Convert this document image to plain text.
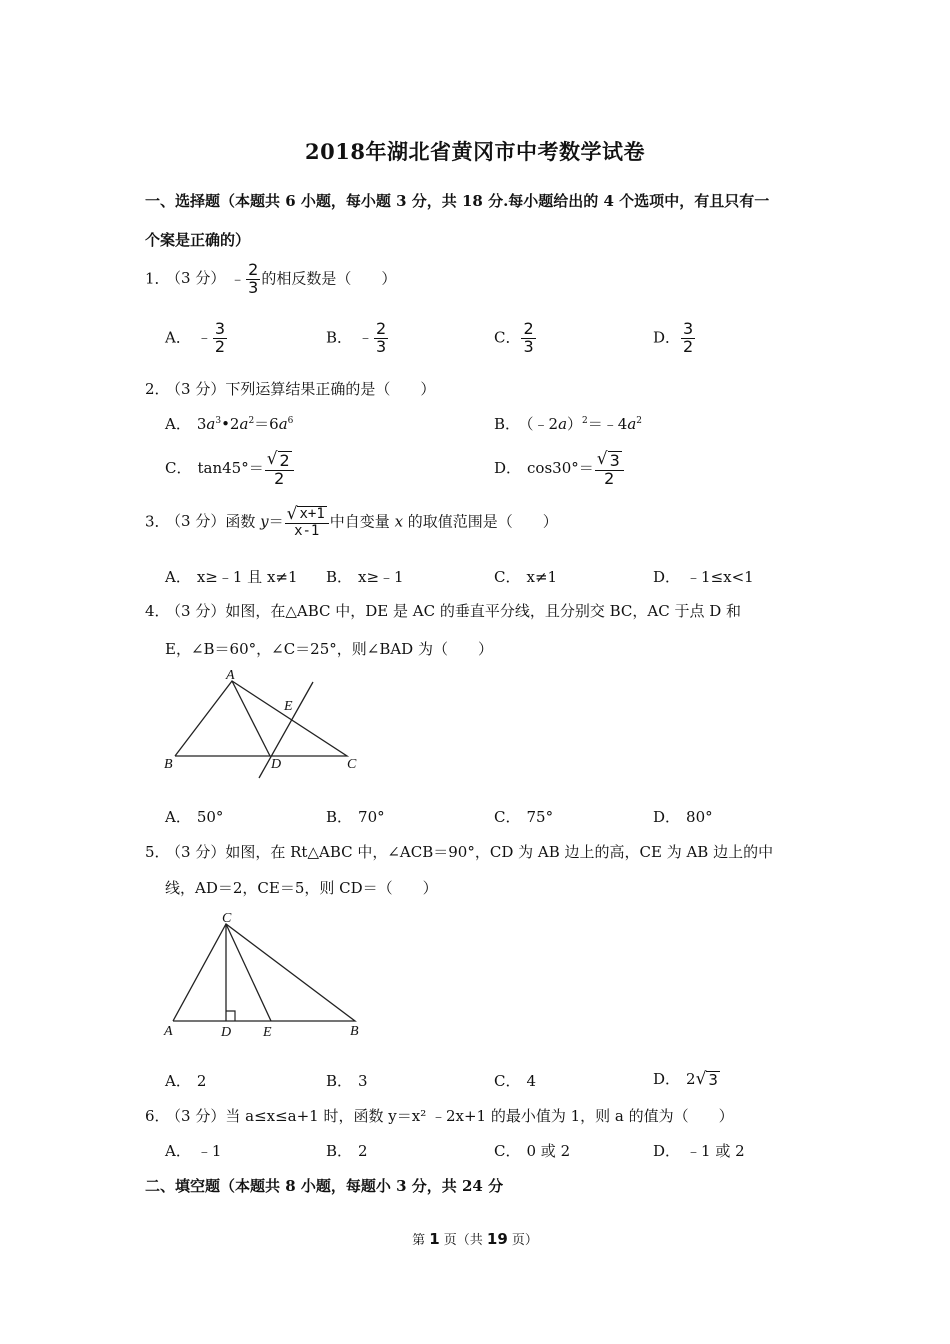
2018年湖北省黄冈市中考数学试卷
一、选择题（本题共 6 小题，每小题 3 分，共 18 分.每小题给出的 4 个选项中，有且只有一
个案是正确的）
1． （3 分） ﹣ $\frac{2}{3}$ 的相反数是（　　）
A． ﹣ $\frac{3}{2}$	B． ﹣ $\frac{2}{3}$	C． $\frac{2}{3}$	D． $\frac{3}{2}$
2． （3 分）下列运算结果正确的是（　　）
A． $3a^3•2a^2=6a^6$	B． $(﹣2a)^2=﹣4a^2$
C． $\tan 45^\circ= \frac{√ 2}{2}$	D． $\cos 30^\circ= \frac{√ 3}{2}$
3． （3 分）函数 $y= \frac{√ x+1}{x-1}$ 中自变量 x 的取值范围是（　　）
A． x≥﹣1 且 x≠1 B． x≥﹣1	C． x≠1	D． ﹣1≤x<1
4． （3 分）如图，在△ABC 中，DE 是 AC 的垂直平分线，且分别交 BC，AC 于点 D 和
E，∠B＝60°，∠C＝25°，则∠BAD 为（　　）
A
E
B	D	C
A． 50°	B． 70°	C． 75°	D． 80°
5． （3 分）如图，在 Rt△ABC 中，∠ACB＝90°，CD 为 AB 边上的高，CE 为 AB 边上的中
线，AD＝2，CE＝5，则 CD＝（　　）
C
A	D E	B
A． 2	B． 3	C． 4	D． 2 √ 3
6． （3 分）当 a≤x≤a+1 时，函数 y＝x² ﹣2x+1 的最小值为 1，则 a 的值为（　　）
A． ﹣1	B． 2	C． 0 或 2	D． ﹣1 或 2
二、填空题（本题共 8 小题，每题小 3 分，共 24 分
第 1 页（共 19 页）
